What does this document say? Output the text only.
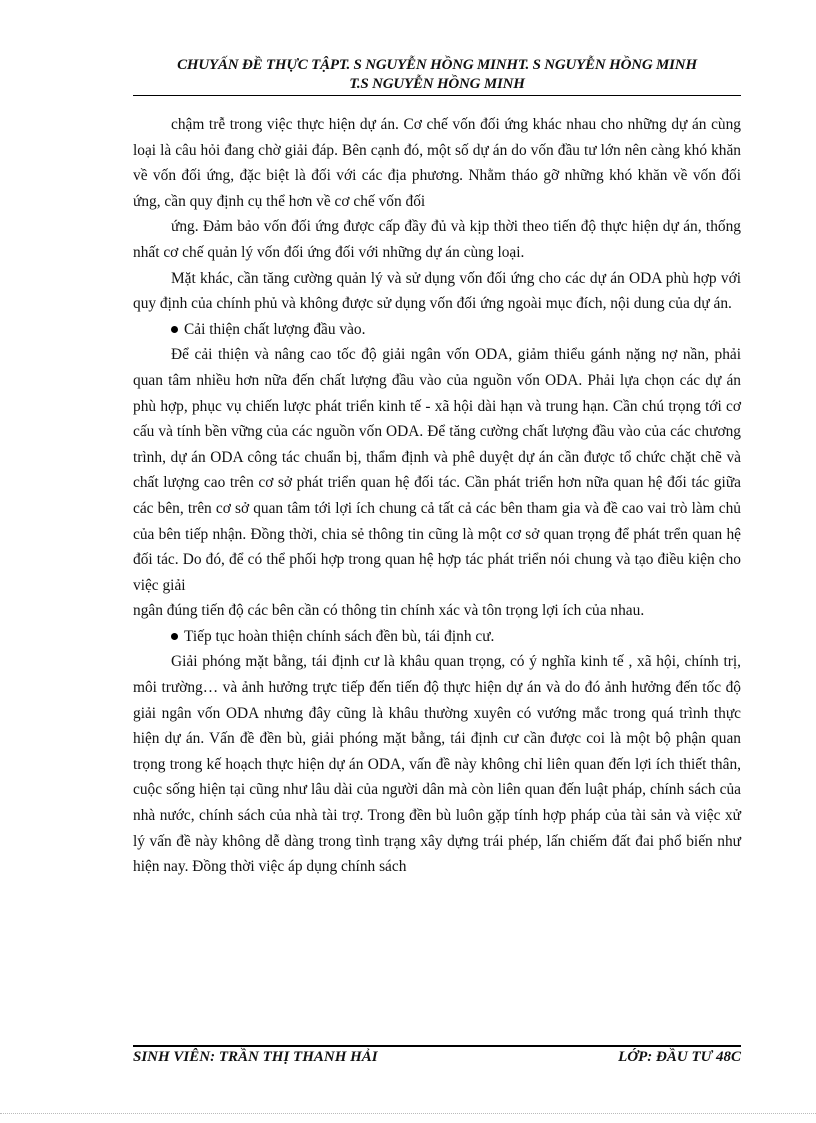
CHUYẤN ĐỀ THỰC TẬPT. S NGUYỄN HỒNG MINHT. S NGUYỄN HỒNG MINH
T.S NGUYỄN HỒNG MINH

chậm trễ trong việc thực hiện dự án. Cơ chế vốn đối ứng khác nhau cho những dự án cùng loại là câu hỏi đang chờ giải đáp. Bên cạnh đó, một số dự án do vốn đầu tư lớn nên càng khó khăn về vốn đối ứng, đặc biệt là đối với các địa phương. Nhằm tháo gỡ những khó khăn về vốn đối ứng, cần quy định cụ thể hơn về cơ chế vốn đối

ứng. Đảm bảo vốn đối ứng được cấp đầy đủ và kịp thời theo tiến độ thực hiện dự án, thống nhất cơ chế quản lý vốn đối ứng đối với những dự án cùng loại.

Mặt khác, cần tăng cường quản lý và sử dụng vốn đối ứng cho các dự án ODA phù hợp với quy định của chính phủ và không được sử dụng vốn đối ứng ngoài mục đích, nội dung của dự án.

Cải thiện chất lượng đầu vào.

Để cải thiện và nâng cao tốc độ giải ngân vốn ODA, giảm thiểu gánh nặng nợ nần, phải quan tâm nhiều hơn nữa đến chất lượng đầu vào của nguồn vốn ODA. Phải lựa chọn các dự án phù hợp, phục vụ chiến lược phát triển kinh tế - xã hội dài hạn và trung hạn. Cần chú trọng tới cơ cấu và tính bền vững của các nguồn vốn ODA. Để tăng cường chất lượng đầu vào của các chương trình, dự án ODA công tác chuẩn bị, thẩm định và phê duyệt dự án cần được tổ chức chặt chẽ và chất lượng cao trên cơ sở phát triển quan hệ đối tác. Cần phát triển hơn nữa quan hệ đối tác giữa các bên, trên cơ sở quan tâm tới lợi ích chung cả tất cả các bên tham gia và đề cao vai trò làm chủ của bên tiếp nhận. Đồng thời, chia sẻ thông tin cũng là một cơ sở quan trọng để phát trển quan hệ đối tác. Do đó, để có thể phối hợp trong quan hệ hợp tác phát triển nói chung và tạo điều kiện cho việc giải

ngân đúng tiến độ các bên cần có thông tin chính xác và tôn trọng lợi ích của nhau.

Tiếp tục hoàn thiện chính sách đền bù, tái định cư.

Giải phóng mặt bằng, tái định cư là khâu quan trọng, có ý nghĩa kinh tế , xã hội, chính trị, môi trường… và ảnh hưởng trực tiếp đến tiến độ thực hiện dự án và do đó ảnh hưởng đến tốc độ giải ngân vốn ODA nhưng đây cũng là khâu thường xuyên có vướng mắc trong quá trình thực hiện dự án. Vấn đề đền bù, giải phóng mặt bằng, tái định cư cần được coi là một bộ phận quan trọng trong kế hoạch thực hiện dự án ODA, vấn đề này không chỉ liên quan đến lợi ích thiết thân, cuộc sống hiện tại cũng như lâu dài của người dân mà còn liên quan đến luật pháp, chính sách của nhà nước, chính sách của nhà tài trợ. Trong đền bù luôn gặp tính hợp pháp của tài sản và việc xử lý vấn đề này không dễ dàng trong tình trạng xây dựng trái phép, lấn chiếm đất đai phổ biến như hiện nay. Đồng thời việc áp dụng chính sách

SINH VIÊN: TRẦN THỊ THANH HẢI	LỚP: ĐẦU TƯ 48C
